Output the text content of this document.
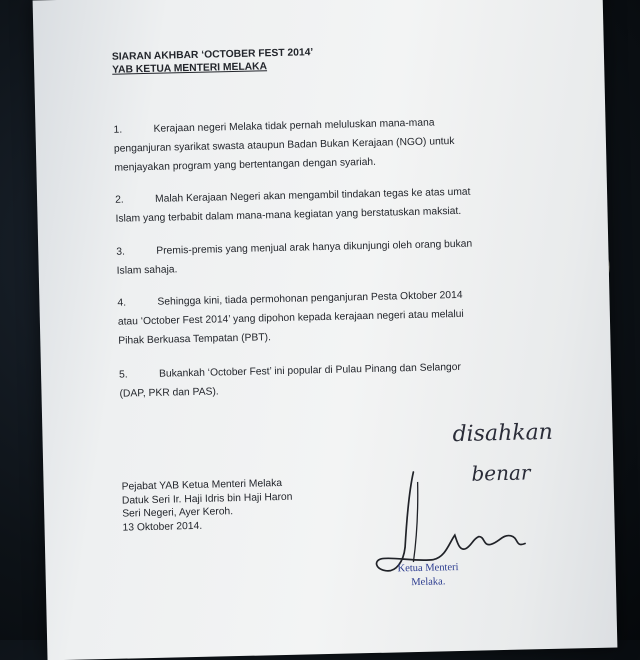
SIARAN AKHBAR ‘OCTOBER FEST 2014’
YAB KETUA MENTERI MELAKA
1.	Kerajaan negeri Melaka tidak pernah meluluskan mana-mana
penganjuran syarikat swasta ataupun Badan Bukan Kerajaan (NGO) untuk
menjayakan program yang bertentangan dengan syariah.
2.	Malah Kerajaan Negeri akan mengambil tindakan tegas ke atas umat
Islam yang terbabit dalam mana-mana kegiatan yang berstatuskan maksiat.
3.	Premis-premis yang menjual arak hanya dikunjungi oleh orang bukan
Islam sahaja.
4.	Sehingga kini, tiada permohonan penganjuran Pesta Oktober 2014
atau ‘October Fest 2014’ yang dipohon kepada kerajaan negeri atau melalui
Pihak Berkuasa Tempatan (PBT).
5.	Bukankah ‘October Fest’ ini popular di Pulau Pinang dan Selangor
(DAP, PKR dan PAS).
Pejabat YAB Ketua Menteri Melaka
Datuk Seri Ir. Haji Idris bin Haji Haron
Seri Negeri, Ayer Keroh.
13 Oktober 2014.
disahkan
benar
Ketua Menteri
Melaka.
